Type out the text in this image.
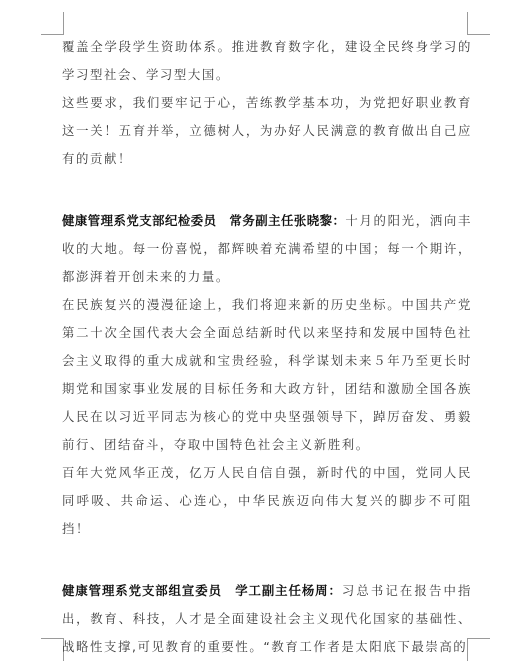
覆盖全学段学生资助体系。推进教育数字化，建设全民终身学习的学习型社会、学习型大国。

这些要求，我们要牢记于心，苦练教学基本功，为党把好职业教育这一关！五育并举，立德树人，为办好人民满意的教育做出自己应有的贡献！

健康管理系党支部纪检委员　常务副主任张晓黎：十月的阳光，洒向丰收的大地。每一份喜悦，都辉映着充满希望的中国；每一个期许，都澎湃着开创未来的力量。

在民族复兴的漫漫征途上，我们将迎来新的历史坐标。中国共产党第二十次全国代表大会全面总结新时代以来坚持和发展中国特色社会主义取得的重大成就和宝贵经验，科学谋划未来５年乃至更长时期党和国家事业发展的目标任务和大政方针，团结和激励全国各族人民在以习近平同志为核心的党中央坚强领导下，踔厉奋发、勇毅前行、团结奋斗，夺取中国特色社会主义新胜利。

百年大党风华正茂，亿万人民自信自强，新时代的中国，党同人民同呼吸、共命运、心连心，中华民族迈向伟大复兴的脚步不可阻挡！

健康管理系党支部组宣委员　学工副主任杨周：习总书记在报告中指出，教育、科技，人才是全面建设社会主义现代化国家的基础性、战略性支撑,可见教育的重要性。“教育工作者是太阳底下最崇高的
